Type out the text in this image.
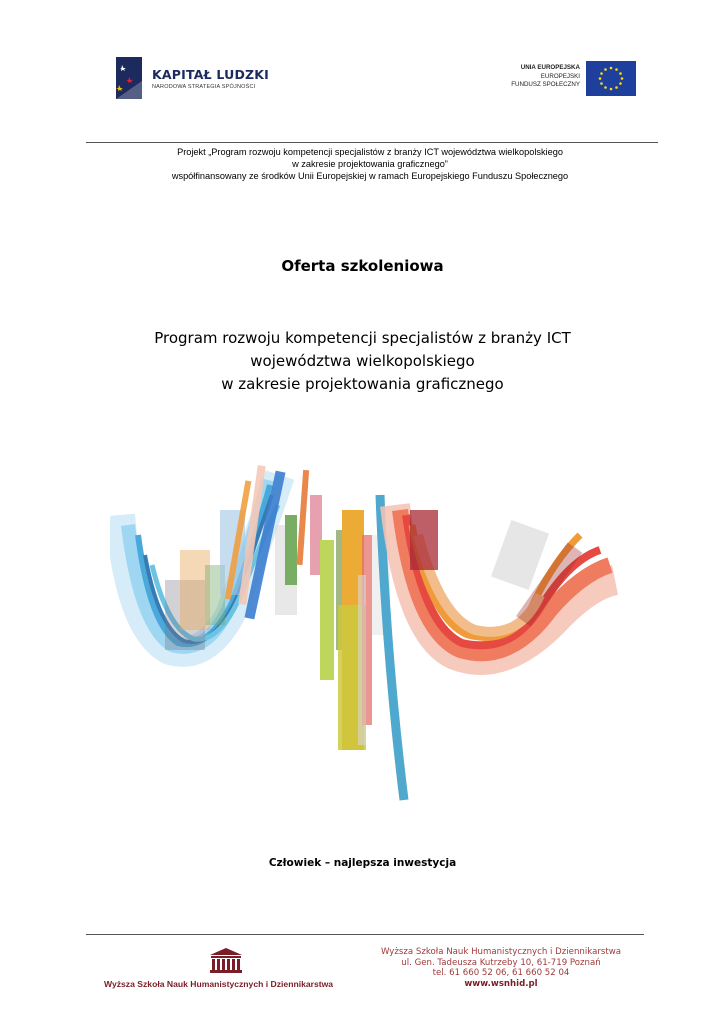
KAPITAŁ LUDZKI
NARODOWA STRATEGIA SPÓJNOŚCI
UNIA EUROPEJSKA
EUROPEJSKI
FUNDUSZ SPOŁECZNY
Projekt „Program rozwoju kompetencji specjalistów z branży ICT województwa wielkopolskiego
w zakresie projektowania graficznego”
współfinansowany ze środków Unii Europejskiej w ramach Europejskiego Funduszu Społecznego
Oferta szkoleniowa
Program rozwoju kompetencji specjalistów z branży ICT
województwa wielkopolskiego
w zakresie projektowania graficznego
Człowiek – najlepsza inwestycja
Wyższa Szkoła Nauk Humanistycznych i Dziennikarstwa
Wyższa Szkoła Nauk Humanistycznych i Dziennikarstwa
ul. Gen. Tadeusza Kutrzeby 10, 61-719 Poznań
tel. 61 660 52 06, 61 660 52 04
www.wsnhid.pl
